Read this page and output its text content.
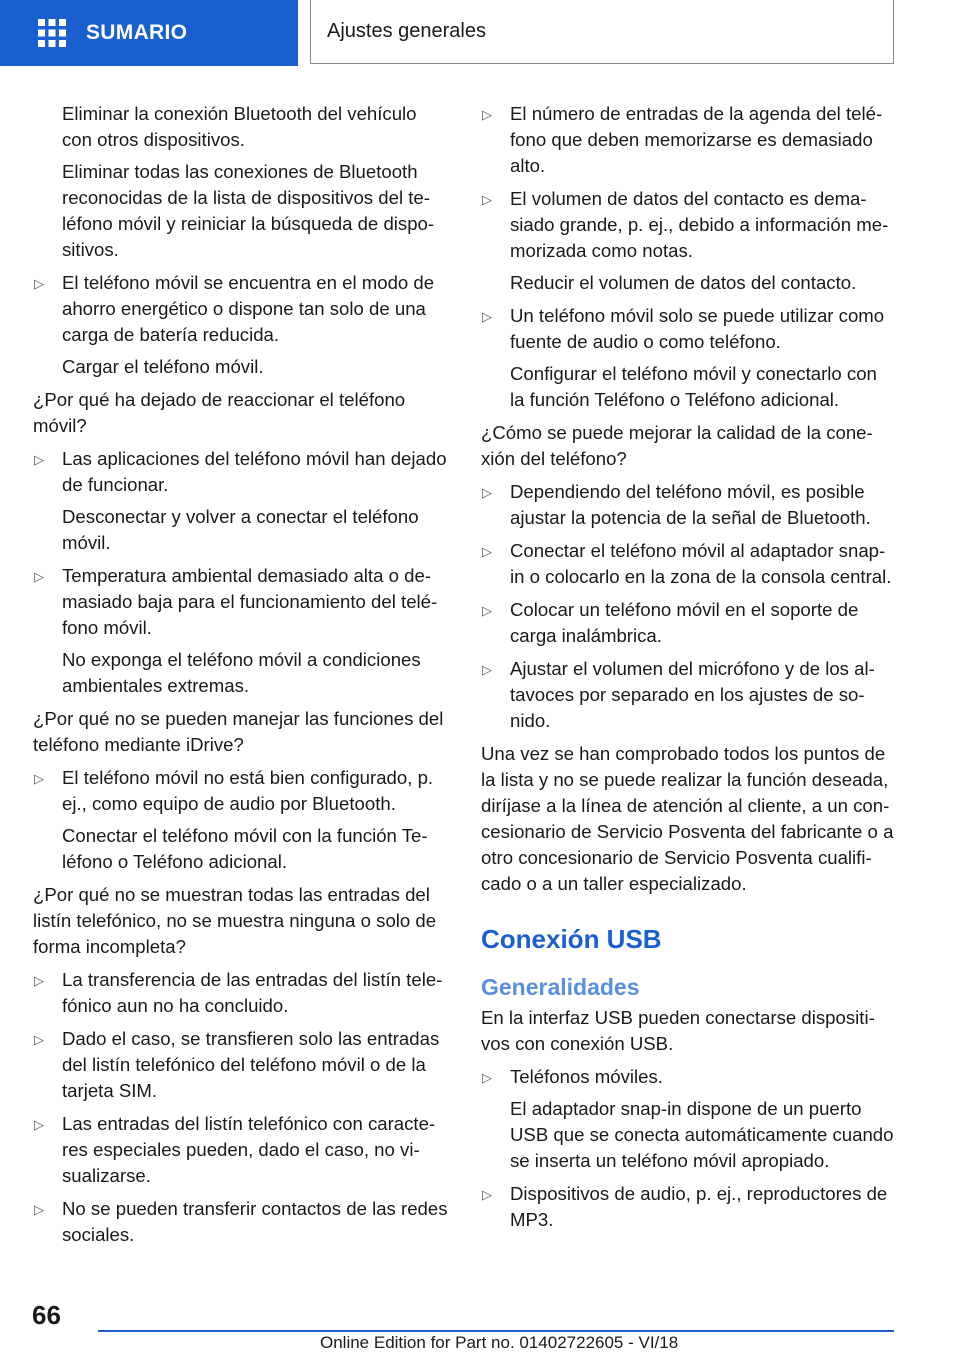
SUMARIO	Ajustes generales

Eliminar la conexión Bluetooth del vehículo con otros dispositivos.

Eliminar todas las conexiones de Bluetooth reconocidas de la lista de dispositivos del teléfono móvil y reiniciar la búsqueda de dispositivos.

▷ El teléfono móvil se encuentra en el modo de ahorro energético o dispone tan solo de una carga de batería reducida.

Cargar el teléfono móvil.

¿Por qué ha dejado de reaccionar el teléfono móvil?

▷ Las aplicaciones del teléfono móvil han dejado de funcionar.

Desconectar y volver a conectar el teléfono móvil.

▷ Temperatura ambiental demasiado alta o demasiado baja para el funcionamiento del teléfono móvil.

No exponga el teléfono móvil a condiciones ambientales extremas.

¿Por qué no se pueden manejar las funciones del teléfono mediante iDrive?

▷ El teléfono móvil no está bien configurado, p. ej., como equipo de audio por Bluetooth.

Conectar el teléfono móvil con la función Teléfono o Teléfono adicional.

¿Por qué no se muestran todas las entradas del listín telefónico, no se muestra ninguna o solo de forma incompleta?

▷ La transferencia de las entradas del listín telefónico aun no ha concluido.

▷ Dado el caso, se transfieren solo las entradas del listín telefónico del teléfono móvil o de la tarjeta SIM.

▷ Las entradas del listín telefónico con caracteres especiales pueden, dado el caso, no visualizarse.

▷ No se pueden transferir contactos de las redes sociales.

▷ El número de entradas de la agenda del teléfono que deben memorizarse es demasiado alto.

▷ El volumen de datos del contacto es demasiado grande, p. ej., debido a información memorizada como notas.

Reducir el volumen de datos del contacto.

▷ Un teléfono móvil solo se puede utilizar como fuente de audio o como teléfono.

Configurar el teléfono móvil y conectarlo con la función Teléfono o Teléfono adicional.

¿Cómo se puede mejorar la calidad de la conexión del teléfono?

▷ Dependiendo del teléfono móvil, es posible ajustar la potencia de la señal de Bluetooth.

▷ Conectar el teléfono móvil al adaptador snap-in o colocarlo en la zona de la consola central.

▷ Colocar un teléfono móvil en el soporte de carga inalámbrica.

▷ Ajustar el volumen del micrófono y de los altavoces por separado en los ajustes de sonido.

Una vez se han comprobado todos los puntos de la lista y no se puede realizar la función deseada, diríjase a la línea de atención al cliente, a un concesionario de Servicio Posventa del fabricante o a otro concesionario de Servicio Posventa cualificado o a un taller especializado.

Conexión USB
Generalidades

En la interfaz USB pueden conectarse dispositivos con conexión USB.

▷ Teléfonos móviles.

El adaptador snap-in dispone de un puerto USB que se conecta automáticamente cuando se inserta un teléfono móvil apropiado.

▷ Dispositivos de audio, p. ej., reproductores de MP3.

66
Online Edition for Part no. 01402722605 - VI/18
